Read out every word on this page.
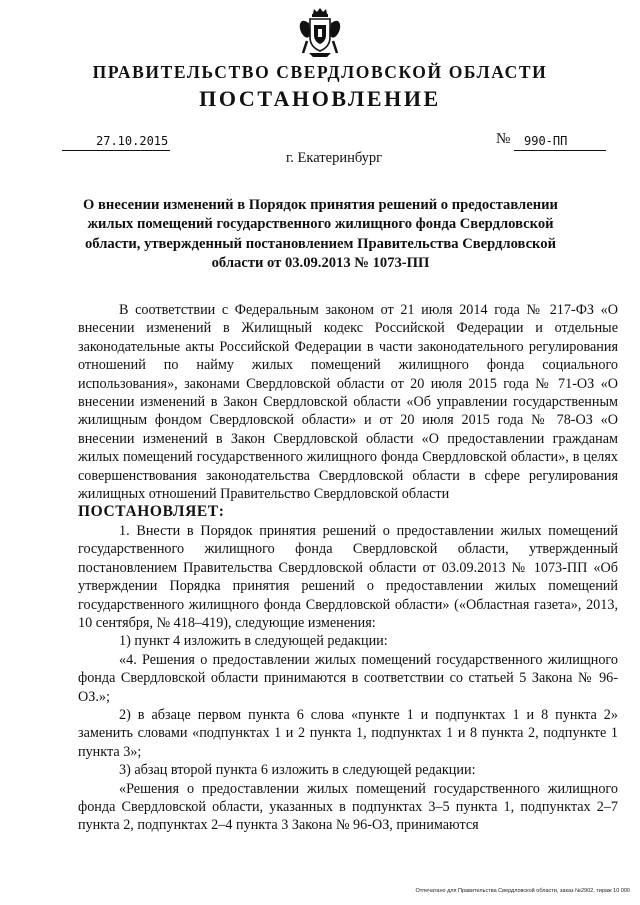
ПРАВИТЕЛЬСТВО СВЕРДЛОВСКОЙ ОБЛАСТИ
ПОСТАНОВЛЕНИЕ
27.10.2015	№	990-ПП
г. Екатеринбург
О внесении изменений в Порядок принятия решений о предоставлении жилых помещений государственного жилищного фонда Свердловской области, утвержденный постановлением Правительства Свердловской области от 03.09.2013 № 1073-ПП

В соответствии с Федеральным законом от 21 июля 2014 года № 217-ФЗ «О внесении изменений в Жилищный кодекс Российской Федерации и отдельные законодательные акты Российской Федерации в части законодательного регулирования отношений по найму жилых помещений жилищного фонда социального использования», законами Свердловской области от 20 июля 2015 года № 71-ОЗ «О внесении изменений в Закон Свердловской области «Об управлении государственным жилищным фондом Свердловской области» и от 20 июля 2015 года № 78-ОЗ «О внесении изменений в Закон Свердловской области «О предоставлении гражданам жилых помещений государственного жилищного фонда Свердловской области», в целях совершенствования законодательства Свердловской области в сфере регулирования жилищных отношений Правительство Свердловской области

ПОСТАНОВЛЯЕТ:

1. Внести в Порядок принятия решений о предоставлении жилых помещений государственного жилищного фонда Свердловской области, утвержденный постановлением Правительства Свердловской области от 03.09.2013 № 1073-ПП «Об утверждении Порядка принятия решений о предоставлении жилых помещений государственного жилищного фонда Свердловской области» («Областная газета», 2013, 10 сентября, № 418–419), следующие изменения:

1) пункт 4 изложить в следующей редакции:

«4. Решения о предоставлении жилых помещений государственного жилищного фонда Свердловской области принимаются в соответствии со статьей 5 Закона № 96-ОЗ.»;

2) в абзаце первом пункта 6 слова «пункте 1 и подпунктах 1 и 8 пункта 2» заменить словами «подпунктах 1 и 2 пункта 1, подпунктах 1 и 8 пункта 2, подпункте 1 пункта 3»;

3) абзац второй пункта 6 изложить в следующей редакции:

«Решения о предоставлении жилых помещений государственного жилищного фонда Свердловской области, указанных в подпунктах 3–5 пункта 1, подпунктах 2–7 пункта 2, подпунктах 2–4 пункта 3 Закона № 96-ОЗ, принимаются

Отпечатано для Правительства Свердловской области, заказ №2902, тираж 10 000
